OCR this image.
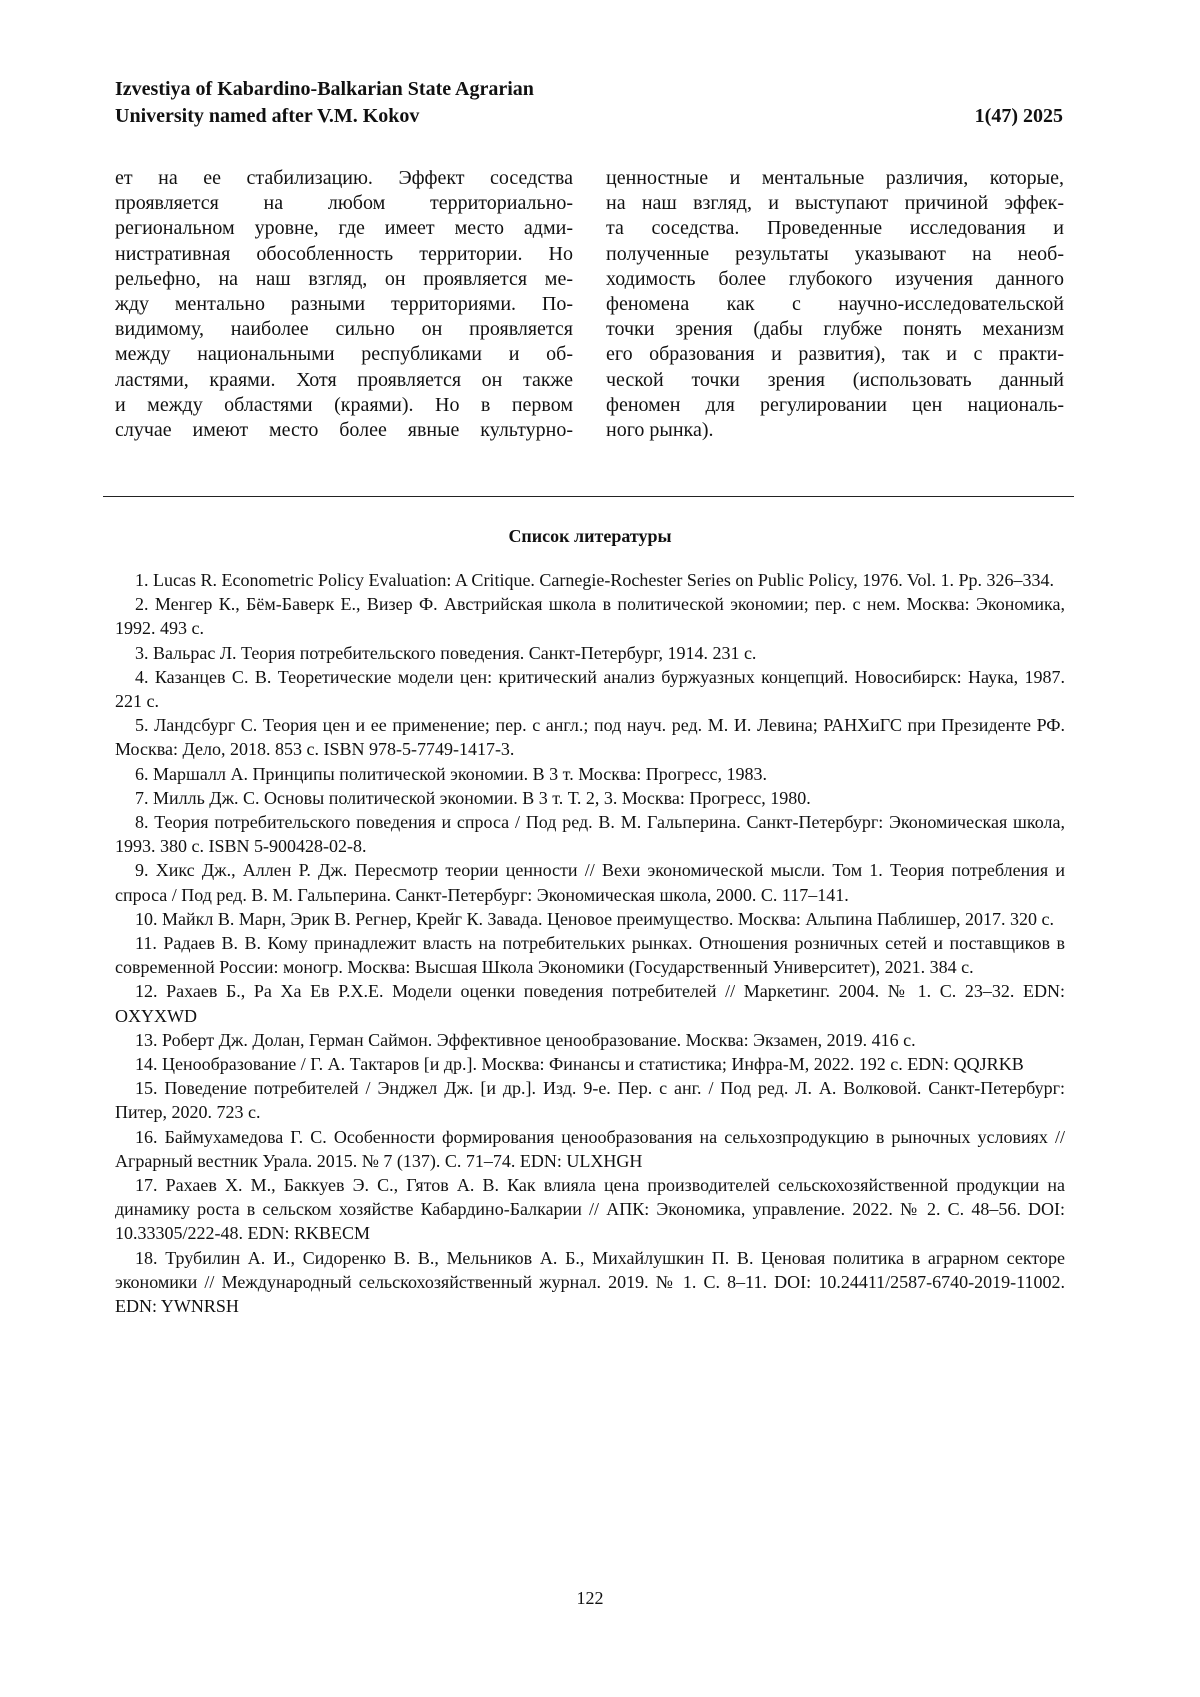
Izvestiya of Kabardino-Balkarian State Agrarian
University named after V.M. Kokov	1(47) 2025
ет на ее стабилизацию. Эффект соседства
проявляется на любом территориально-
региональном уровне, где имеет место адми-
нистративная обособленность территории. Но
рельефно, на наш взгляд, он проявляется ме-
жду ментально разными территориями. По-
видимому, наиболее сильно он проявляется
между национальными республиками и об-
ластями, краями. Хотя проявляется он также
и между областями (краями). Но в первом
случае имеют место более явные культурно-
ценностные и ментальные различия, которые,
на наш взгляд, и выступают причиной эффек-
та соседства. Проведенные исследования и
полученные результаты указывают на необ-
ходимость более глубокого изучения данного
феномена как с научно-исследовательской
точки зрения (дабы глубже понять механизм
его образования и развития), так и с практи-
ческой точки зрения (использовать данный
феномен для регулировании цен националь-
ного рынка).
Список литературы

1. Lucas R. Econometric Policy Evaluation: A Critique. Carnegie-Rochester Series on Public Policy, 1976. Vol. 1. Pp. 326–334.

2. Менгер К., Бём-Баверк Е., Визер Ф. Австрийская школа в политической экономии; пер. с нем. Москва: Экономика, 1992. 493 с.

3. Вальрас Л. Теория потребительского поведения. Санкт-Петербург, 1914. 231 с.

4. Казанцев С. В. Теоретические модели цен: критический анализ буржуазных концепций. Новосибирск: Наука, 1987. 221 с.

5. Ландсбург С. Теория цен и ее применение; пер. с англ.; под науч. ред. М. И. Левина; РАНХиГС при Президенте РФ. Москва: Дело, 2018. 853 с. ISBN 978-5-7749-1417-3.

6. Маршалл А. Принципы политической экономии. В 3 т. Москва: Прогресс, 1983.

7. Милль Дж. С. Основы политической экономии. В 3 т. Т. 2, 3. Москва: Прогресс, 1980.

8. Теория потребительского поведения и спроса / Под ред. В. М. Гальперина. Санкт-Петербург: Экономическая школа, 1993. 380 с. ISBN 5-900428-02-8.

9. Хикс Дж., Аллен Р. Дж. Пересмотр теории ценности // Вехи экономической мысли. Том 1. Теория потребления и спроса / Под ред. В. М. Гальперина. Санкт-Петербург: Экономическая школа, 2000. С. 117–141.

10. Майкл В. Марн, Эрик В. Регнер, Крейг К. Завада. Ценовое преимущество. Москва: Альпина Паблишер, 2017. 320 с.

11. Радаев В. В. Кому принадлежит власть на потребительких рынках. Отношения розничных сетей и поставщиков в современной России: моногр. Москва: Высшая Школа Экономики (Государственный Университет), 2021. 384 с.

12. Рахаев Б., Ра Ха Ев Р.Х.Е. Модели оценки поведения потребителей // Маркетинг. 2004. № 1. С. 23–32. EDN: OXYXWD

13. Роберт Дж. Долан, Герман Саймон. Эффективное ценообразование. Москва: Экзамен, 2019. 416 с.

14. Ценообразование / Г. А. Тактаров [и др.]. Москва: Финансы и статистика; Инфра-М, 2022. 192 с. EDN: QQJRKB

15. Поведение потребителей / Энджел Дж. [и др.]. Изд. 9-е. Пер. с анг. / Под ред. Л. А. Волковой. Санкт-Петербург: Питер, 2020. 723 с.

16. Баймухамедова Г. С. Особенности формирования ценообразования на сельхозпродукцию в рыночных условиях // Аграрный вестник Урала. 2015. № 7 (137). С. 71–74. EDN: ULXHGH

17. Рахаев Х. М., Баккуев Э. С., Гятов А. В. Как влияла цена производителей сельскохозяйственной продукции на динамику роста в сельском хозяйстве Кабардино-Балкарии // АПК: Экономика, управление. 2022. № 2. С. 48–56. DOI: 10.33305/222-48. EDN: RKBECM

18. Трубилин А. И., Сидоренко В. В., Мельников А. Б., Михайлушкин П. В. Ценовая политика в аграрном секторе экономики // Международный сельскохозяйственный журнал. 2019. № 1. С. 8–11. DOI: 10.24411/2587-6740-2019-11002. EDN: YWNRSH

122
